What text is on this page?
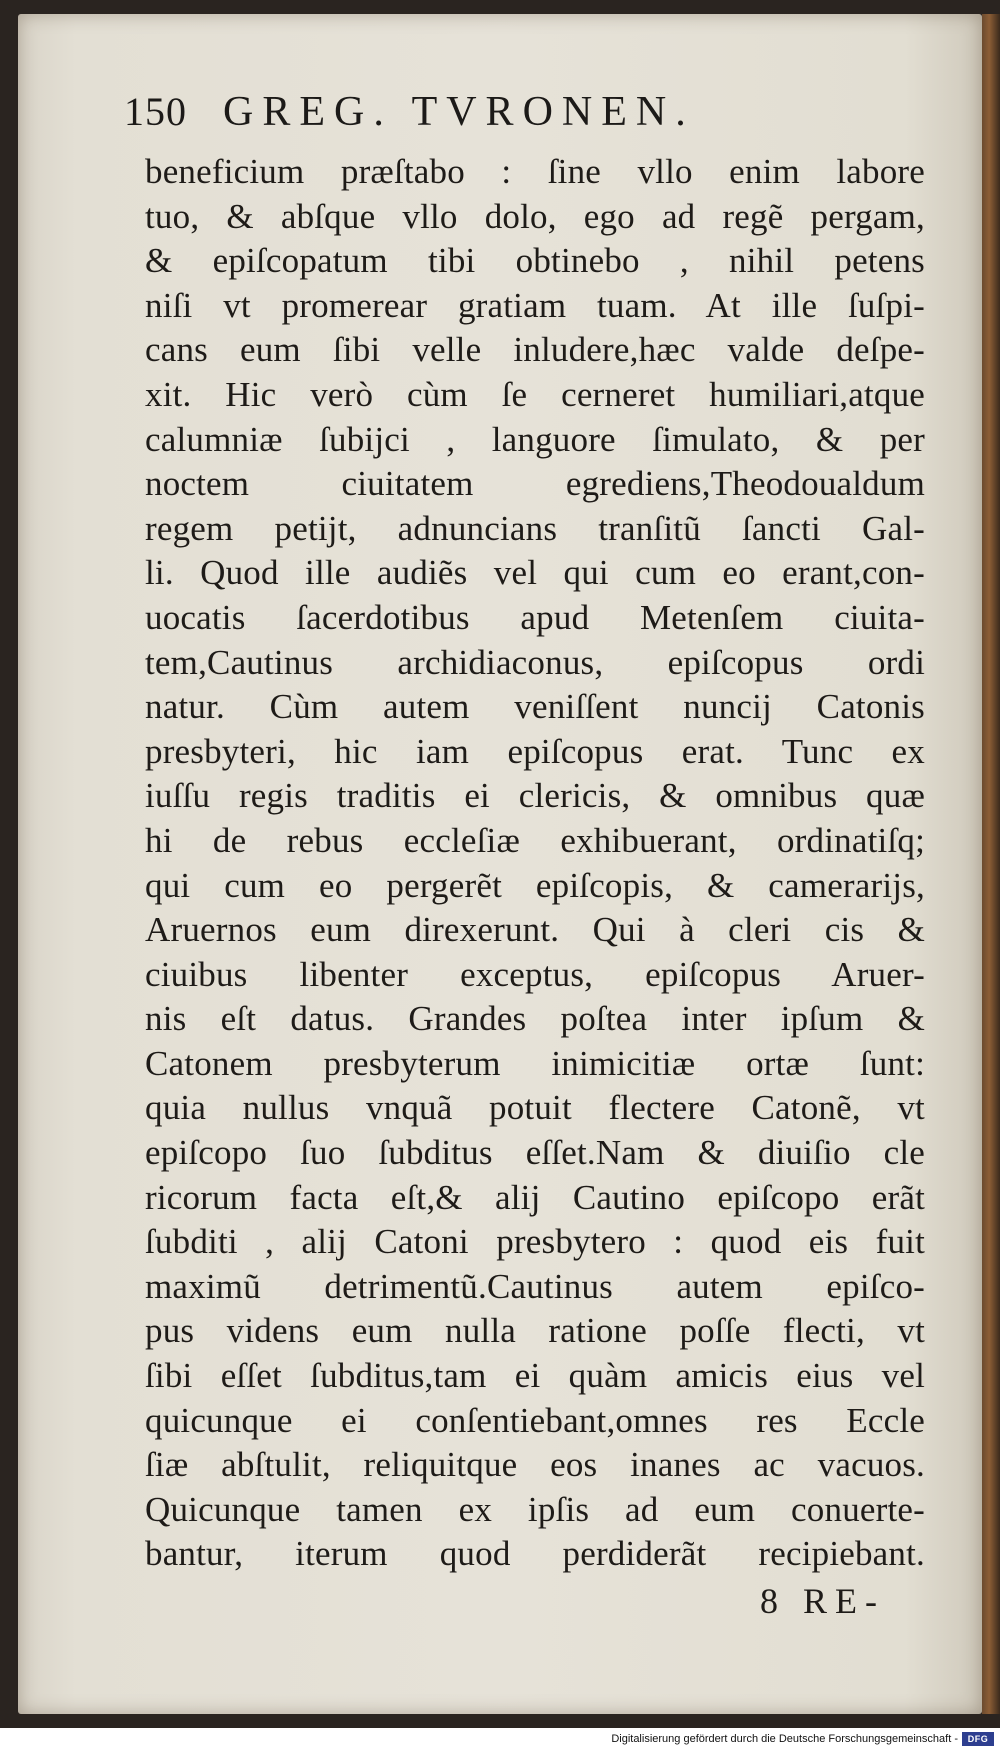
150 GREG. TVRONEN.
beneficium præſtabo : ſine vllo enim labore
tuo, & abſque vllo dolo, ego ad regẽ pergam,
& epiſcopatum tibi obtinebo , nihil petens
niſi vt promerear gratiam tuam. At ille ſuſpi-
cans eum ſibi velle inludere,hæc valde deſpe-
xit. Hic verò cùm ſe cerneret humiliari,atque
calumniæ ſubijci , languore ſimulato, & per
noctem ciuitatem egrediens,Theodoualdum
regem petijt, adnuncians tranſitũ ſancti Gal-
li. Quod ille audiẽs vel qui cum eo erant,con-
uocatis ſacerdotibus apud Metenſem ciuita-
tem,Cautinus archidiaconus, epiſcopus ordi
natur. Cùm autem veniſſent nuncij Catonis
presbyteri, hic iam epiſcopus erat. Tunc ex
iuſſu regis traditis ei clericis, & omnibus quæ
hi de rebus eccleſiæ exhibuerant, ordinatiſq;
qui cum eo pergerẽt epiſcopis, & camerarijs,
Aruernos eum direxerunt. Qui à cleri cis &
ciuibus libenter exceptus, epiſcopus Aruer-
nis eſt datus. Grandes poſtea inter ipſum &
Catonem presbyterum inimicitiæ ortæ ſunt:
quia nullus vnquã potuit flectere Catonẽ, vt
epiſcopo ſuo ſubditus eſſet.Nam & diuiſio cle
ricorum facta eſt,& alij Cautino epiſcopo erãt
ſubditi , alij Catoni presbytero : quod eis fuit
maximũ detrimentũ.Cautinus autem epiſco-
pus videns eum nulla ratione poſſe flecti, vt
ſibi eſſet ſubditus,tam ei quàm amicis eius vel
quicunque ei conſentiebant,omnes res Eccle
ſiæ abſtulit, reliquitque eos inanes ac vacuos.
Quicunque tamen ex ipſis ad eum conuerte-
bantur, iterum quod perdiderãt recipiebant.
8 RE-
Digitalisierung gefördert durch die Deutsche Forschungsgemeinschaft -	DFG
